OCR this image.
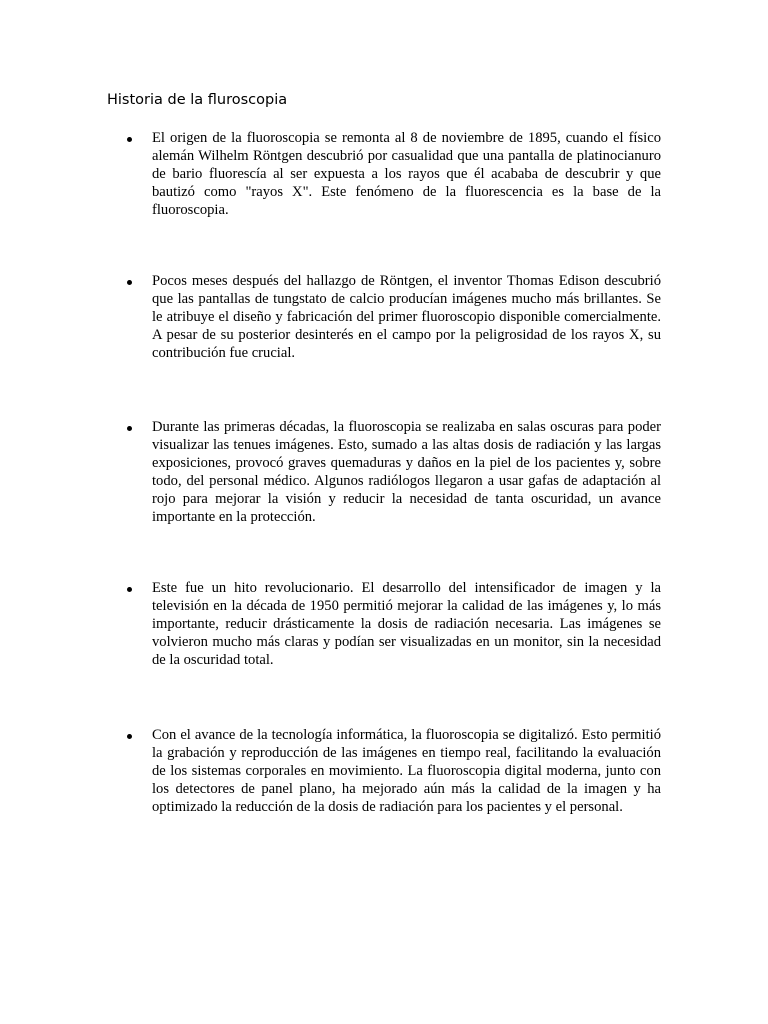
Historia de la fluroscopia

El origen de la fluoroscopia se remonta al 8 de noviembre de 1895, cuando el físico alemán Wilhelm Röntgen descubrió por casualidad que una pantalla de platinocianuro de bario fluorescía al ser expuesta a los rayos que él acababa de descubrir y que bautizó como "rayos X". Este fenómeno de la fluorescencia es la base de la fluoroscopia.

Pocos meses después del hallazgo de Röntgen, el inventor Thomas Edison descubrió que las pantallas de tungstato de calcio producían imágenes mucho más brillantes. Se le atribuye el diseño y fabricación del primer fluoroscopio disponible comercialmente. A pesar de su posterior desinterés en el campo por la peligrosidad de los rayos X, su contribución fue crucial.

Durante las primeras décadas, la fluoroscopia se realizaba en salas oscuras para poder visualizar las tenues imágenes. Esto, sumado a las altas dosis de radiación y las largas exposiciones, provocó graves quemaduras y daños en la piel de los pacientes y, sobre todo, del personal médico. Algunos radiólogos llegaron a usar gafas de adaptación al rojo para mejorar la visión y reducir la necesidad de tanta oscuridad, un avance importante en la protección.

Este fue un hito revolucionario. El desarrollo del intensificador de imagen y la televisión en la década de 1950 permitió mejorar la calidad de las imágenes y, lo más importante, reducir drásticamente la dosis de radiación necesaria. Las imágenes se volvieron mucho más claras y podían ser visualizadas en un monitor, sin la necesidad de la oscuridad total.

Con el avance de la tecnología informática, la fluoroscopia se digitalizó. Esto permitió la grabación y reproducción de las imágenes en tiempo real, facilitando la evaluación de los sistemas corporales en movimiento. La fluoroscopia digital moderna, junto con los detectores de panel plano, ha mejorado aún más la calidad de la imagen y ha optimizado la reducción de la dosis de radiación para los pacientes y el personal.
